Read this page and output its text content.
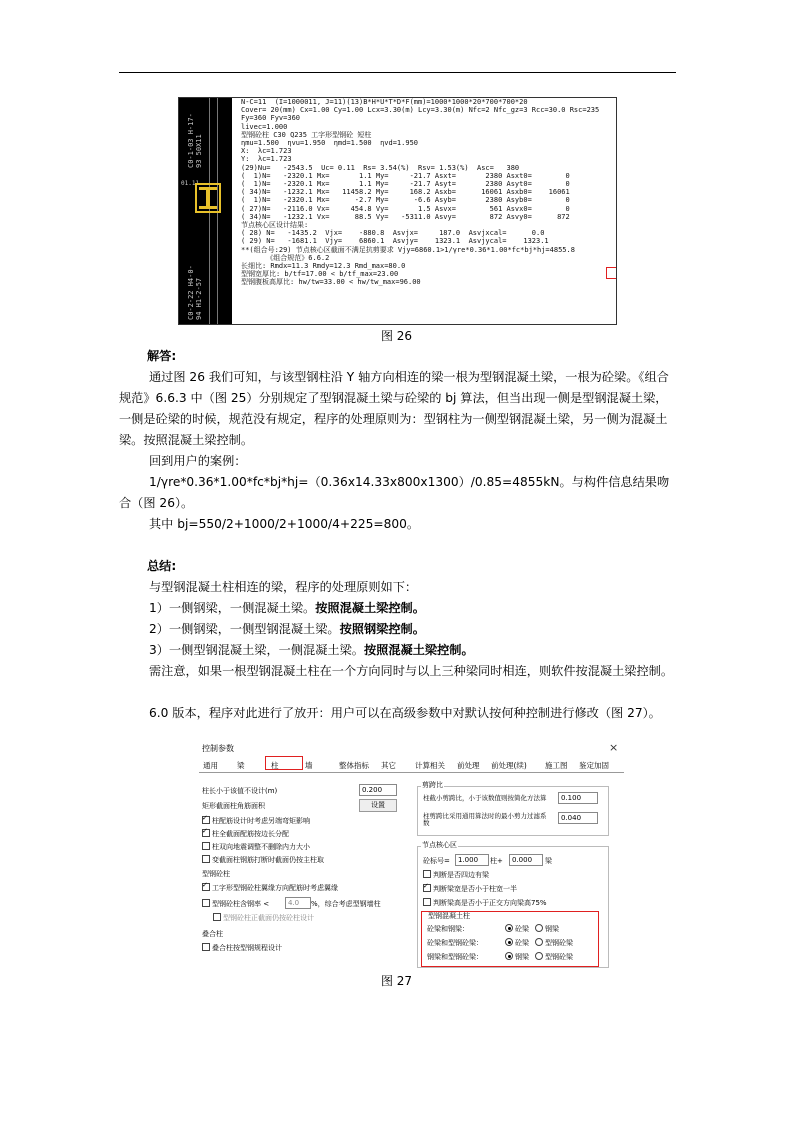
C0-1-03 H-17-93 50X11
01.11
C0-2-22 H4-0-94 H1-2-57
N-C=11  (I=1000011, J=11)(13)B*H*U*T*D*F(mm)=1000*1000*20*700*700*20
Cover= 20(mm) Cx=1.00 Cy=1.00 Lcx=3.30(m) Lcy=3.30(m) Nfc=2 Nfc_gz=3 Rcc=30.0 Rsc=235
Fy=360 Fyv=360
livec=1.000
型钢砼柱 C30 Q235 工字形型钢砼 短柱
ηmu=1.500  ηvu=1.950  ηmd=1.500  ηvd=1.950
X:  λc=1.723
Y:  λc=1.723
(29)Nu=   -2543.5  Uc= 0.11  Rs= 3.54(%)  Rsv= 1.53(%)  Asc=   380
(  1)N=   -2320.1 Mx=       1.1 My=     -21.7 Asxt=       2380 Asxt0=        0
(  1)N=   -2320.1 Mx=       1.1 My=     -21.7 Asyt=       2380 Asyt0=        0
( 34)N=   -1232.1 Mx=   11458.2 My=     168.2 Asxb=      16061 Asxb0=    16061
(  1)N=   -2320.1 Mx=      -2.7 My=      -6.6 Asyb=       2380 Asyb0=        0
( 27)N=   -2116.0 Vx=     454.8 Vy=       1.5 Asvx=        561 Asvx0=        0
( 34)N=   -1232.1 Vx=      88.5 Vy=   -5311.0 Asvy=        872 Asvy0=      872
节点核心区设计结果:
( 28) N=   -1435.2  Vjx=    -880.8  Asvjx=     187.0  Asvjxcal=      0.0
( 29) N=   -1681.1  Vjy=    6860.1  Asvjy=    1323.1  Asvjycal=    1323.1
**(组合号:29) 节点核心区截面不满足抗剪要求 Vjy=6860.1>1/γre*0.36*1.00*fc*bj*hj=4855.8
《组合规范》6.6.2
长细比: Rmdx=11.3 Rmdy=12.3 Rmd_max=80.0
型钢宽厚比: b/tf=17.00 < b/tf_max=23.00
型钢腹板高厚比: hw/tw=33.00 < hw/tw_max=96.00
图 26
解答:
通过图 26 我们可知，与该型钢柱沿 Y 轴方向相连的梁一根为型钢混凝土梁，一根为砼梁。《组合规范》6.6.3 中（图 25）分别规定了型钢混凝土梁与砼梁的 bj 算法，但当出现一侧是型钢混凝土梁，一侧是砼梁的时候，规范没有规定，程序的处理原则为：型钢柱为一侧型钢混凝土梁，另一侧为混凝土梁。按照混凝土梁控制。
回到用户的案例：
1/γre*0.36*1.00*fc*bj*hj=（0.36x14.33x800x1300）/0.85=4855kN。与构件信息结果吻合（图 26）。
其中 bj=550/2+1000/2+1000/4+225=800。
总结:
与型钢混凝土柱相连的梁，程序的处理原则如下：
1）一侧钢梁，一侧混凝土梁。按照混凝土梁控制。
2）一侧钢梁，一侧型钢混凝土梁。按照钢梁控制。
3）一侧型钢混凝土梁，一侧混凝土梁。按照混凝土梁控制。
需注意，如果一根型钢混凝土柱在一个方向同时与以上三种梁同时相连，则软件按混凝土梁控制。
6.0 版本，程序对此进行了放开：用户可以在高级参数中对默认按何种控制进行修改（图 27）。
控制参数	×
通用	梁	柱	墙	整体指标 其它	计算相关 前处理 前处理(续) 施工图 鉴定加固
柱长小于该值不设计(m)	0.200
矩形截面柱角筋面积	设置
✓柱配筋设计时考虑另端弯矩影响
✓柱全截面配筋按边长分配
柱双向地震调整不删除内力大小
变截面柱钢筋打断时截面仍按主柱取
型钢砼柱
✓工字形型钢砼柱翼缘方向配筋时考虑翼缘
型钢砼柱含钢率 <	4.0	%，综合考虑型钢墙柱
型钢砼柱正截面仍按砼柱设计
叠合柱
叠合柱按型钢规程设计
剪跨比
柱截小剪跨比，小于该数值则按简化方法算	0.100
柱剪跨比采用通用算法时的最小剪力过滤系数
0.040
节点核心区
砼标号=	1.000	柱+	0.000	梁
判断是否四边有梁
✓判断梁宽是否小于柱宽一半
判断梁高是否小于正交方向梁高75%
型钢混凝土柱
砼梁和钢梁：	砼梁 钢梁
砼梁和型钢砼梁：	砼梁 型钢砼梁
钢梁和型钢砼梁：	钢梁 型钢砼梁
图 27
